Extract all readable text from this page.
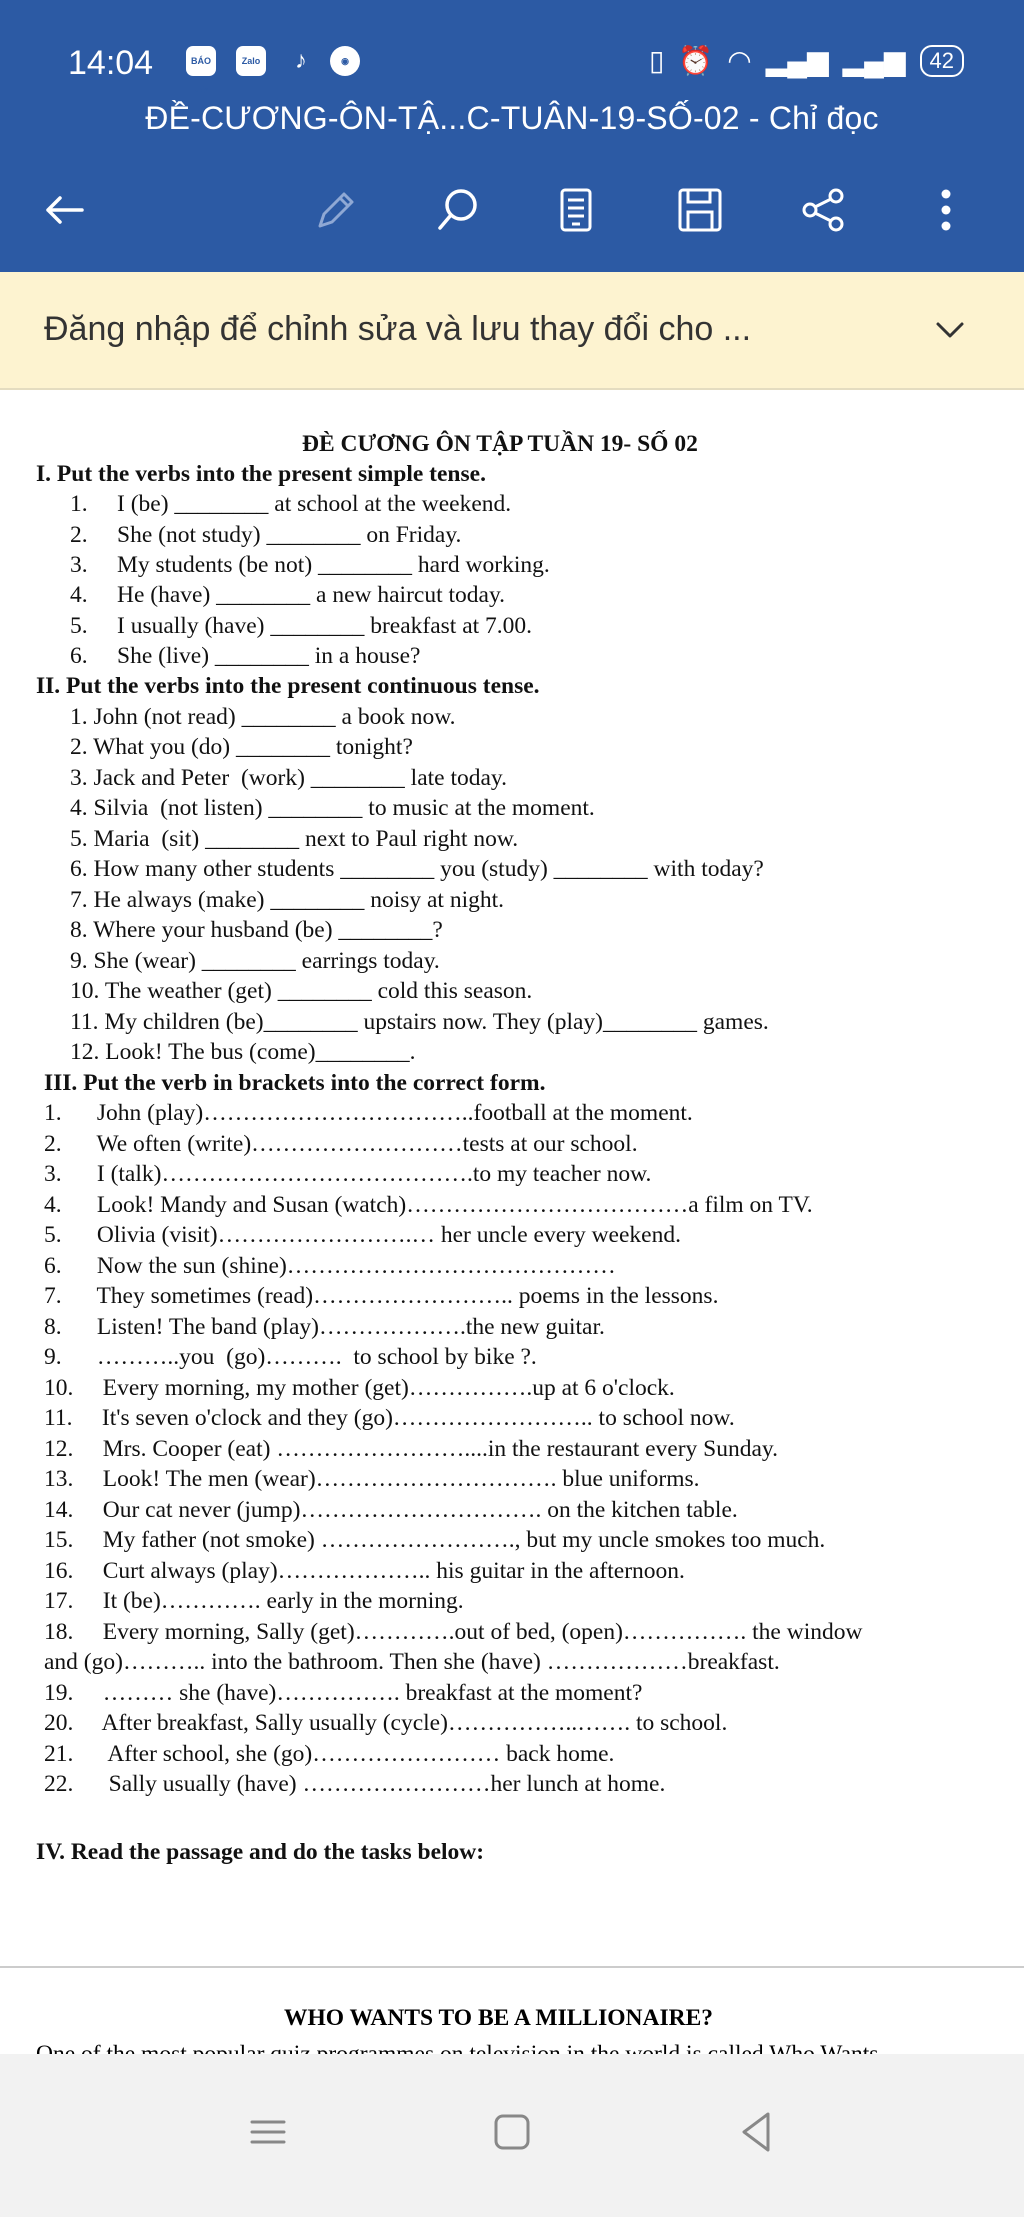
14:04	BÁO MỚI
Zalo	♪	◉	▯ ⏰ ◠ ▂▄▆ ▂▄▆	42
ĐỀ-CƯƠNG-ÔN-TẬ...C-TUÂN-19-SỐ-02 - Chỉ đọc
Đăng nhập để chỉnh sửa và lưu thay đổi cho ...
ĐÈ CƯƠNG ÔN TẬP TUẦN 19- SỐ 02
I. Put the verbs into the present simple tense.
1.     I (be) ________ at school at the weekend.
2.     She (not study) ________ on Friday.
3.     My students (be not) ________ hard working.
4.     He (have) ________ a new haircut today.
5.     I usually (have) ________ breakfast at 7.00.
6.     She (live) ________ in a house?
II. Put the verbs into the present continuous tense.
1. John (not read) ________ a book now.
2. What you (do) ________ tonight?
3. Jack and Peter  (work) ________ late today.
4. Silvia  (not listen) ________ to music at the moment.
5. Maria  (sit) ________ next to Paul right now.
6. How many other students ________ you (study) ________ with today?
7. He always (make) ________ noisy at night.
8. Where your husband (be) ________?
9. She (wear) ________ earrings today.
10. The weather (get) ________ cold this season.
11. My children (be)________ upstairs now. They (play)________ games.
12. Look! The bus (come)________.
III. Put the verb in brackets into the correct form.
1.      John (play)……………………………..football at the moment.
2.      We often (write)………………………tests at our school.
3.      I (talk)………………………………….to my teacher now.
4.      Look! Mandy and Susan (watch)………………………………a film on TV.
5.      Olivia (visit)…………………….… her uncle every weekend.
6.      Now the sun (shine)……………………………………
7.      They sometimes (read)…………………….. poems in the lessons.
8.      Listen! The band (play)……………….the new guitar.
9.      ………..you  (go)……….  to school by bike ?.
10.     Every morning, my mother (get)…………….up at 6 o'clock.
11.     It's seven o'clock and they (go)…………………….. to school now.
12.     Mrs. Cooper (eat) ……………………....in the restaurant every Sunday.
13.     Look! The men (wear)…………………………. blue uniforms.
14.     Our cat never (jump)…………………………. on the kitchen table.
15.     My father (not smoke) ……………………., but my uncle smokes too much.
16.     Curt always (play)……………….. his guitar in the afternoon.
17.     It (be)…………. early in the morning.
18.     Every morning, Sally (get)………….out of bed, (open)……………. the window
and (go)……….. into the bathroom. Then she (have) ………………breakfast.
19.     ……… she (have)……………. breakfast at the moment?
20.     After breakfast, Sally usually (cycle)……………..……. to school.
21.      After school, she (go)…………………… back home.
22.      Sally usually (have) ……………………her lunch at home.
IV. Read the passage and do the tasks below:
WHO WANTS TO BE A MILLIONAIRE?
